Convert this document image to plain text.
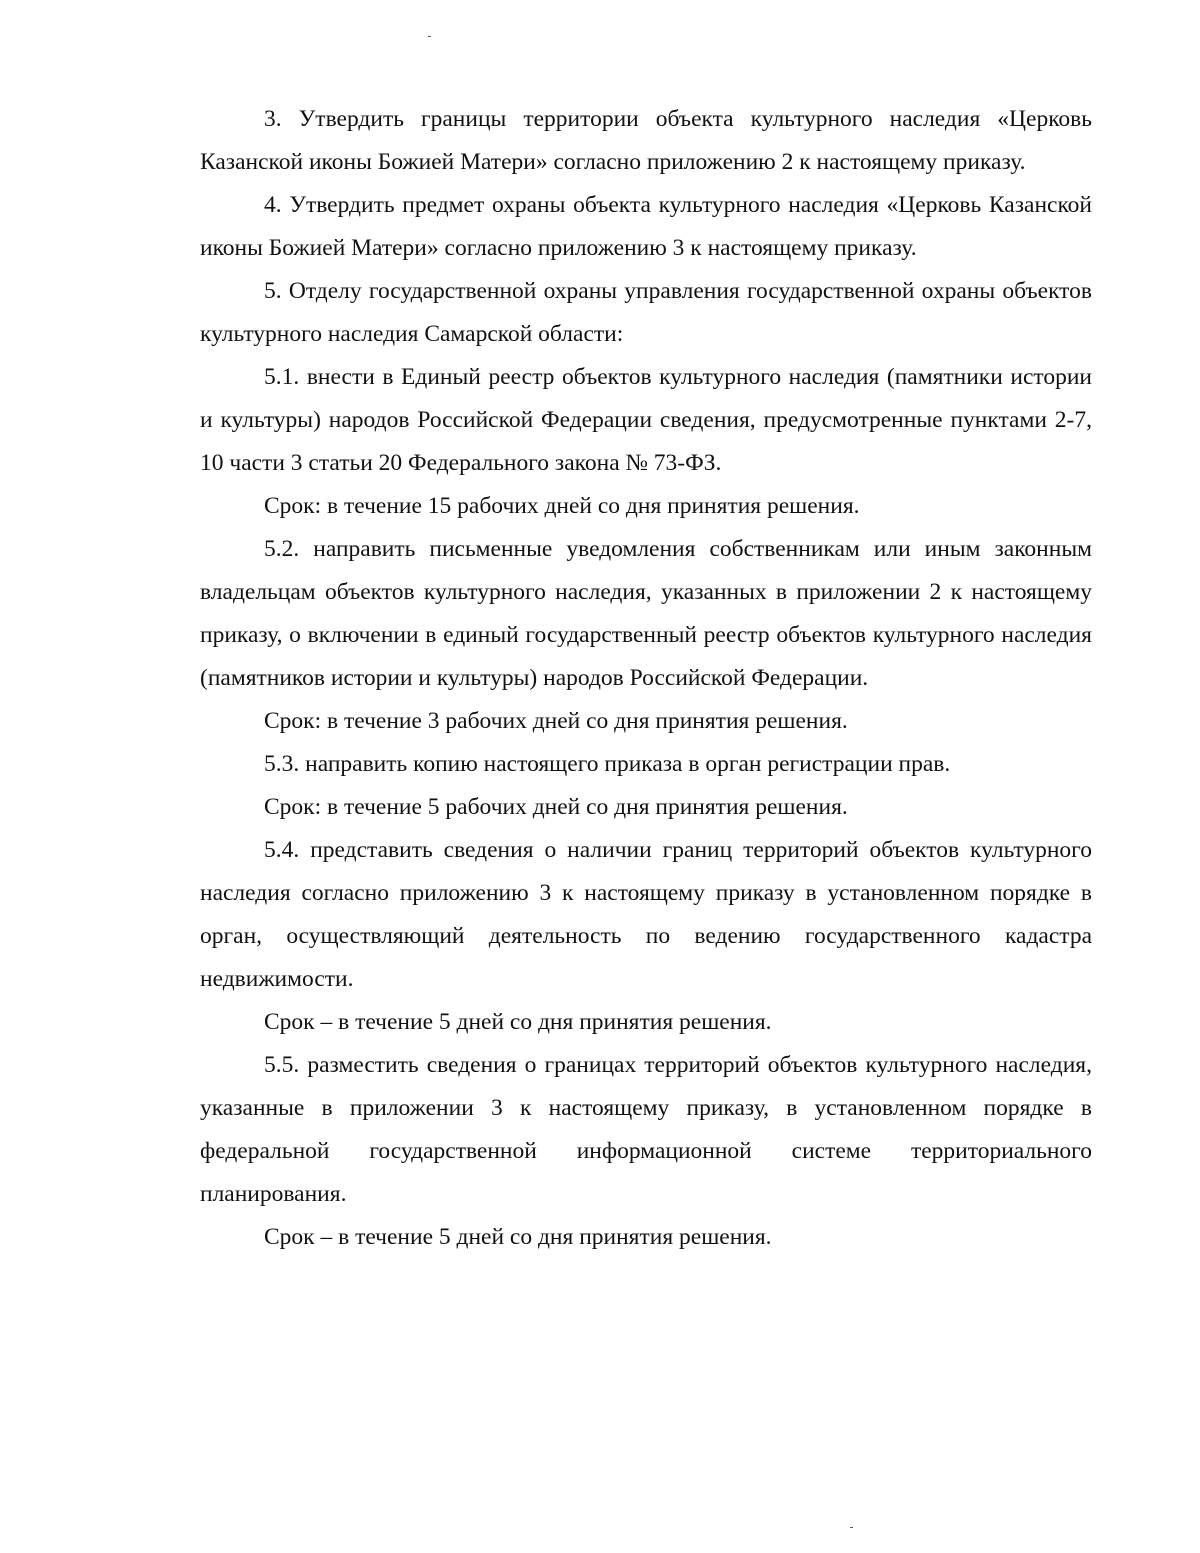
3. Утвердить границы территории объекта культурного наследия «Церковь Казанской иконы Божией Матери» согласно приложению 2 к настоящему приказу.

4. Утвердить предмет охраны объекта культурного наследия «Церковь Казанской иконы Божией Матери» согласно приложению 3 к настоящему приказу.

5. Отделу государственной охраны управления государственной охраны объектов культурного наследия Самарской области:

5.1. внести в Единый реестр объектов культурного наследия (памятники истории и культуры) народов Российской Федерации сведения, предусмотренные пунктами 2-7, 10 части 3 статьи 20 Федерального закона № 73-ФЗ.

Срок: в течение 15 рабочих дней со дня принятия решения.

5.2. направить письменные уведомления собственникам или иным законным владельцам объектов культурного наследия, указанных в приложении 2 к настоящему приказу, о включении в единый государственный реестр объектов культурного наследия (памятников истории и культуры) народов Российской Федерации.

Срок: в течение 3 рабочих дней со дня принятия решения.

5.3. направить копию настоящего приказа в орган регистрации прав.

Срок: в течение 5 рабочих дней со дня принятия решения.

5.4. представить сведения о наличии границ территорий объектов культурного наследия согласно приложению 3 к настоящему приказу в установленном порядке в орган, осуществляющий деятельность по ведению государственного кадастра недвижимости.

Срок – в течение 5 дней со дня принятия решения.

5.5. разместить сведения о границах территорий объектов культурного наследия, указанные в приложении 3 к настоящему приказу, в установленном порядке в федеральной государственной информационной системе территориального планирования.

Срок – в течение 5 дней со дня принятия решения.
